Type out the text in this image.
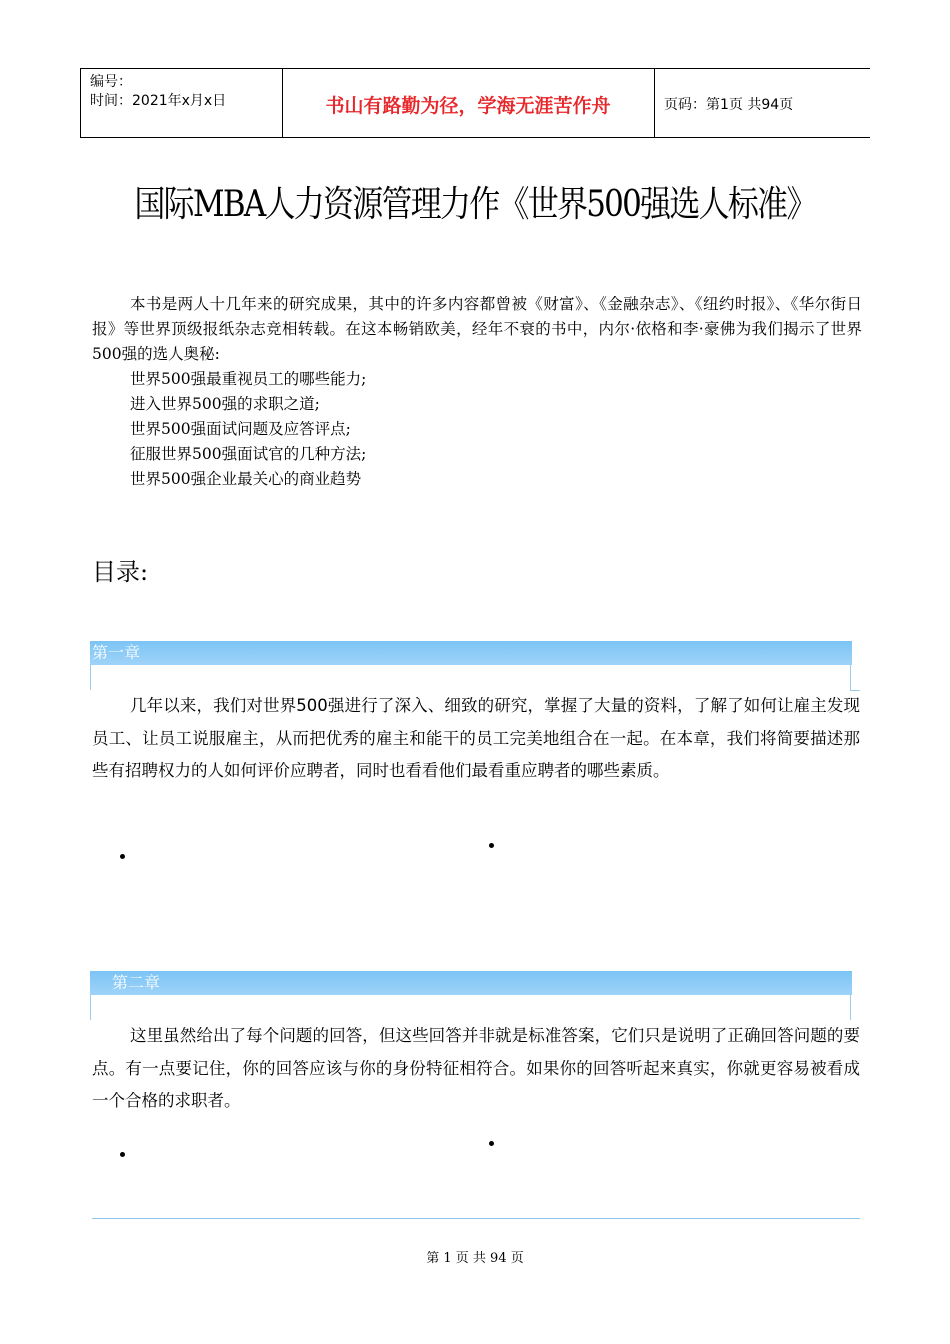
编号：
时间：2021年x月x日	书山有路勤为径，学海无涯苦作舟	页码：第1页 共94页
国际MBA人力资源管理力作《世界500强选人标准》

本书是两人十几年来的研究成果，其中的许多内容都曾被《财富》、《金融杂志》、《纽约时报》、《华尔街日报》等世界顶级报纸杂志竞相转载。在这本畅销欧美，经年不衰的书中，内尔·依格和李·豪佛为我们揭示了世界500强的选人奥秘:

世界500强最重视员工的哪些能力;
进入世界500强的求职之道;
世界500强面试问题及应答评点;
征服世界500强面试官的几种方法;
世界500强企业最关心的商业趋势
目录:
第一章

几年以来，我们对世界500强进行了深入、细致的研究，掌握了大量的资料，了解了如何让雇主发现员工、让员工说服雇主，从而把优秀的雇主和能干的员工完美地组合在一起。在本章，我们将简要描述那些有招聘权力的人如何评价应聘者，同时也看看他们最看重应聘者的哪些素质。

第二章

这里虽然给出了每个问题的回答，但这些回答并非就是标准答案，它们只是说明了正确回答问题的要点。有一点要记住，你的回答应该与你的身份特征相符合。如果你的回答听起来真实，你就更容易被看成一个合格的求职者。

第 1 页 共 94 页
